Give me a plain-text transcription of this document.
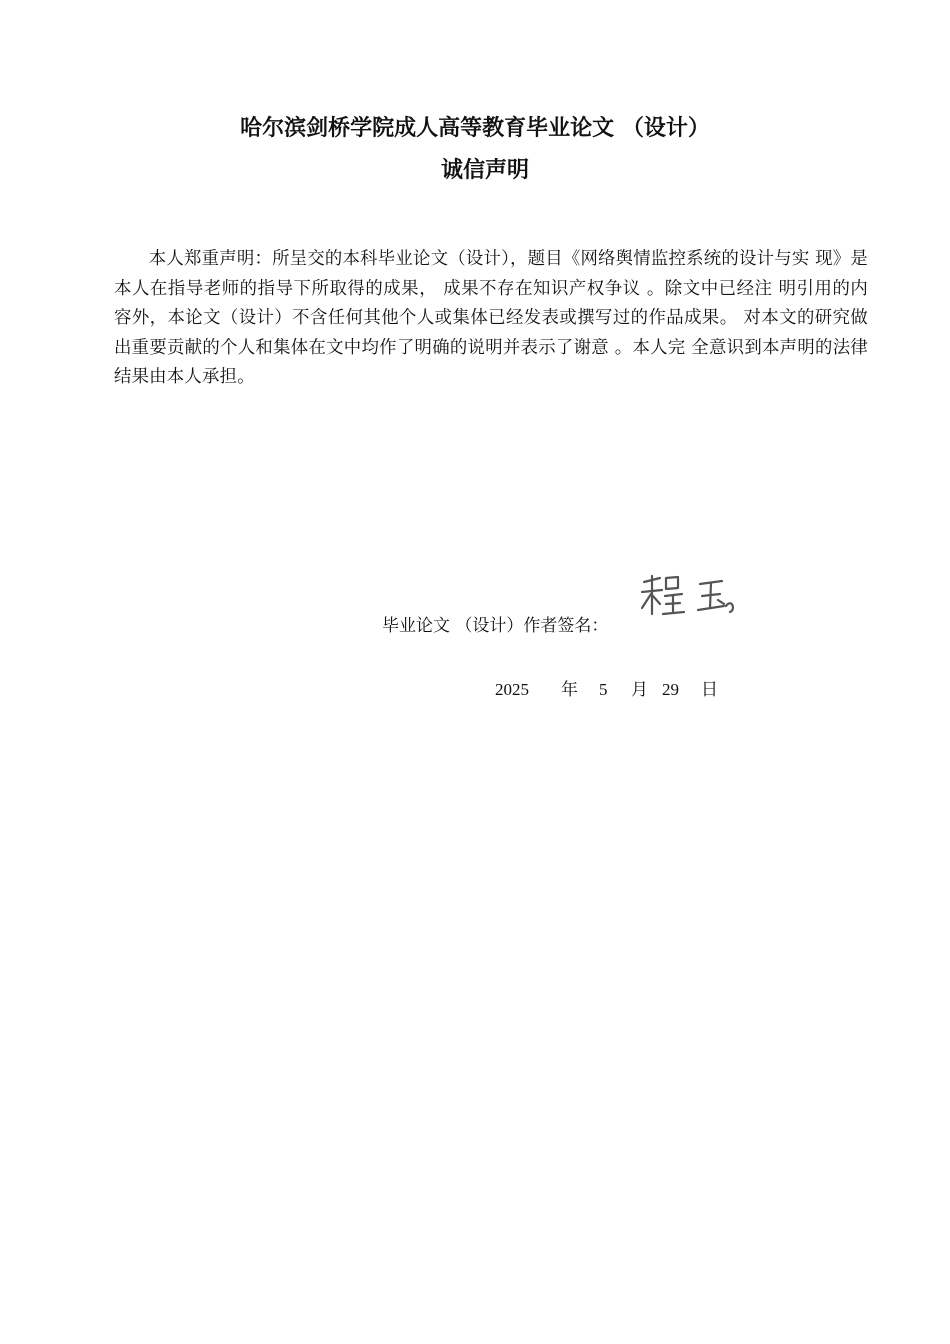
哈尔滨剑桥学院成人高等教育毕业论文 （设计）
诚信声明

本人郑重声明：所呈交的本科毕业论文（设计），题目《网络舆情监控系统的设计与实 现》是本人在指导老师的指导下所取得的成果， 成果不存在知识产权争议 。除文中已经注 明引用的内容外，本论文（设计）不含任何其他个人或集体已经发表或撰写过的作品成果。 对本文的研究做出重要贡献的个人和集体在文中均作了明确的说明并表示了谢意 。本人完 全意识到本声明的法律结果由本人承担。

毕业论文 （设计）作者签名：
2025 年 5 月 29 日
